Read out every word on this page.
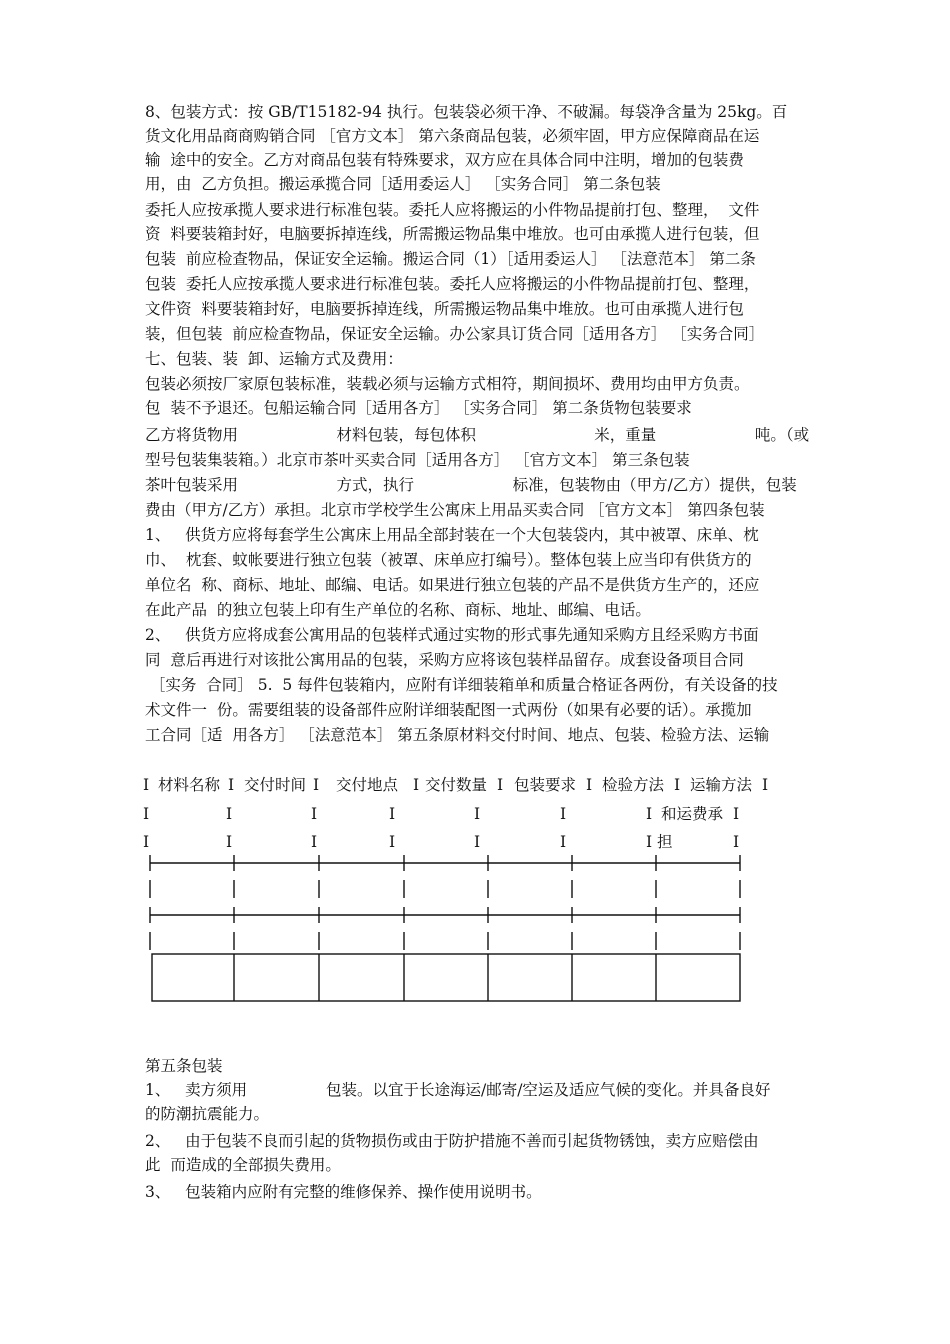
8、包装方式：按 GB/T15182-94 执行。包装袋必须干净、不破漏。每袋净含量为 25kg。百
货文化用品商商购销合同 ［官方文本］ 第六条商品包装，必须牢固，甲方应保障商品在运
输  途中的安全。乙方对商品包装有特殊要求，双方应在具体合同中注明，增加的包装费
用，由  乙方负担。搬运承揽合同［适用委运人］ ［实务合同］ 第二条包装
委托人应按承揽人要求进行标准包装。委托人应将搬运的小件物品提前打包、整理，  文件
资  料要装箱封好，电脑要拆掉连线，所需搬运物品集中堆放。也可由承揽人进行包装，但
包装  前应检查物品，保证安全运输。搬运合同（1）［适用委运人］ ［法意范本］ 第二条
包装  委托人应按承揽人要求进行标准包装。委托人应将搬运的小件物品提前打包、整理，
文件资  料要装箱封好，电脑要拆掉连线，所需搬运物品集中堆放。也可由承揽人进行包
装，但包装  前应检查物品，保证安全运输。办公家具订货合同［适用各方］ ［实务合同］
七、包装、装  卸、运输方式及费用：
包装必须按厂家原包装标准，装载必须与运输方式相符，期间损坏、费用均由甲方负责。
包  装不予退还。包船运输合同［适用各方］ ［实务合同］ 第二条货物包装要求
乙方将货物用                    材料包装，每包体积                        米，重量                    吨。（或
型号包装集装箱。）北京市茶叶买卖合同［适用各方］ ［官方文本］ 第三条包装
茶叶包装采用                    方式，执行                    标准，包装物由（甲方/乙方）提供，包装
费由（甲方/乙方）承担。北京市学校学生公寓床上用品买卖合同 ［官方文本］ 第四条包装
1、   供货方应将每套学生公寓床上用品全部封装在一个大包装袋内，其中被罩、床单、枕
巾、  枕套、蚊帐要进行独立包装（被罩、床单应打编号）。整体包装上应当印有供货方的
单位名  称、商标、地址、邮编、电话。如果进行独立包装的产品不是供货方生产的，还应
在此产品  的独立包装上印有生产单位的名称、商标、地址、邮编、电话。
2、   供货方应将成套公寓用品的包装样式通过实物的形式事先通知采购方且经采购方书面
同  意后再进行对该批公寓用品的包装，采购方应将该包装样品留存。成套设备项目合同
［实务  合同］ 5.  5 每件包装箱内，应附有详细装箱单和质量合格证各两份，有关设备的技
术文件一  份。需要组装的设备部件应附详细装配图一式两份（如果有必要的话）。承揽加
工合同［适  用各方］ ［法意范本］ 第五条原材料交付时间、地点、包装、检验方法、运输
I 材料名称 I 交付时间 I 交付地点 I 交付数量 I 包装要求 I 检验方法 I 运输方法 I
I	I	I	I	I	I	I 和运费承 I
I	I	I	I	I	I	I 担	I
第五条包装
1、   卖方须用                包装。以宜于长途海运/邮寄/空运及适应气候的变化。并具备良好
的防潮抗震能力。
2、   由于包装不良而引起的货物损伤或由于防护措施不善而引起货物锈蚀，卖方应赔偿由
此  而造成的全部损失费用。
3、   包装箱内应附有完整的维修保养、操作使用说明书。
